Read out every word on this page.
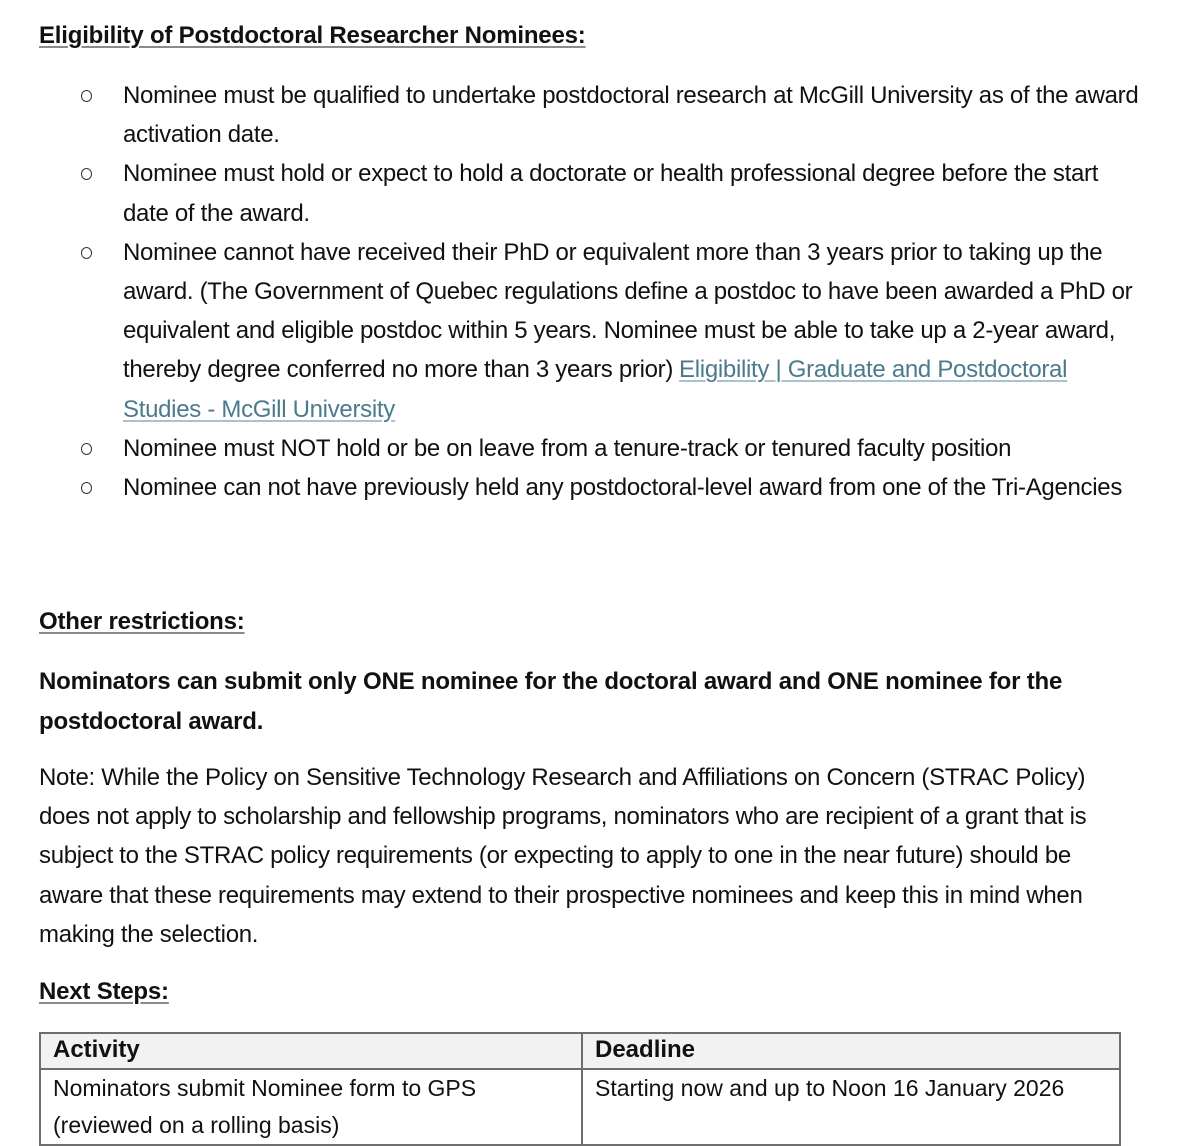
Eligibility of Postdoctoral Researcher Nominees:
Nominee must be qualified to undertake postdoctoral research at McGill University as of the award activation date.
Nominee must hold or expect to hold a doctorate or health professional degree before the start date of the award.
Nominee cannot have received their PhD or equivalent more than 3 years prior to taking up the award. (The Government of Quebec regulations define a postdoc to have been awarded a PhD or equivalent and eligible postdoc within 5 years. Nominee must be able to take up a 2-year award, thereby degree conferred no more than 3 years prior) Eligibility | Graduate and Postdoctoral Studies - McGill University
Nominee must NOT hold or be on leave from a tenure-track or tenured faculty position
Nominee can not have previously held any postdoctoral-level award from one of the Tri-Agencies
Other restrictions:

Nominators can submit only ONE nominee for the doctoral award and ONE nominee for the postdoctoral award.

Note: While the Policy on Sensitive Technology Research and Affiliations on Concern (STRAC Policy) does not apply to scholarship and fellowship programs, nominators who are recipient of a grant that is subject to the STRAC policy requirements (or expecting to apply to one in the near future) should be aware that these requirements may extend to their prospective nominees and keep this in mind when making the selection.

Next Steps:
Activity	Deadline
Nominators submit Nominee form to GPS (reviewed on a rolling basis)	Starting now and up to Noon 16 January 2026
